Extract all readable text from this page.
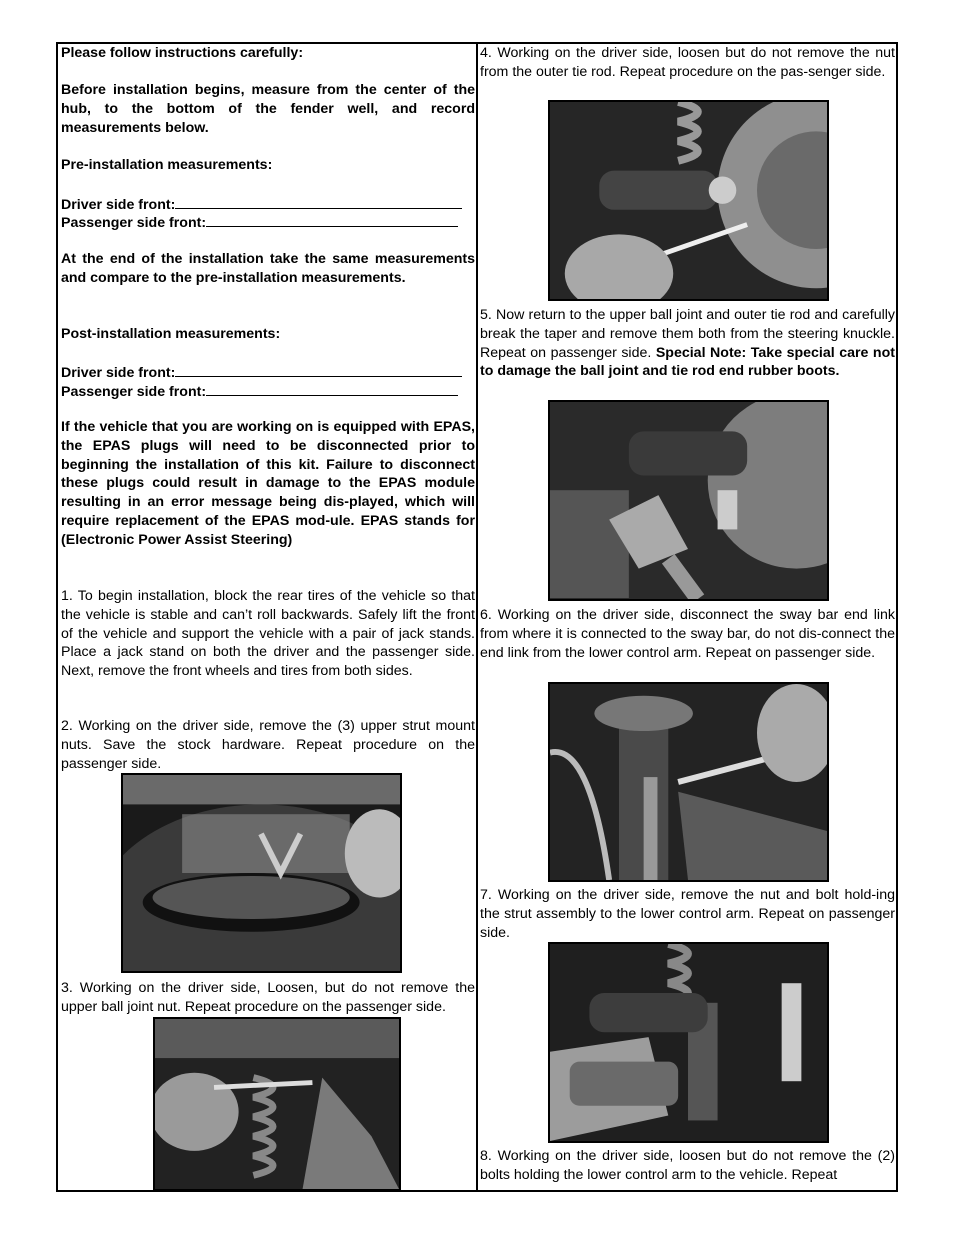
Please follow instructions carefully:
Before installation begins, measure from the center of the hub, to the bottom of the fender well, and record measurements below.
Pre-installation measurements:
Driver side front:
Passenger side front:
At the end of the installation take the same measurements and compare to the pre-installation measurements.
Post-installation measurements:
Driver side front:
Passenger side front:
If the vehicle that you are working on is equipped with EPAS, the EPAS plugs will need to be disconnected prior to beginning the installation of this kit. Failure to disconnect these plugs could result in damage to the EPAS module resulting in an error message being dis-played, which will require replacement of the EPAS mod-ule. EPAS stands for (Electronic Power Assist Steering)
1. To begin installation, block the rear tires of the vehicle so that the vehicle is stable and can’t roll backwards. Safely lift the front of the vehicle and support the vehicle with a pair of jack stands. Place a jack stand on both the driver and the passenger side. Next, remove the front wheels and tires from both sides.
2. Working on the driver side, remove the (3) upper strut mount nuts. Save the stock hardware. Repeat procedure on the passenger side.
3. Working on the driver side, Loosen, but do not remove the upper ball joint nut. Repeat procedure on the passenger side.
4. Working on the driver side, loosen but do not remove the nut from the outer tie rod. Repeat procedure on the pas-senger side.
5. Now return to the upper ball joint and outer tie rod and carefully break the taper and remove them both from the steering knuckle. Repeat on passenger side. Special Note: Take special care not to damage the ball joint and tie rod end rubber boots.
6. Working on the driver side, disconnect the sway bar end link from where it is connected to the sway bar, do not dis-connect the end link from the lower control arm. Repeat on passenger side.
7. Working on the driver side, remove the nut and bolt hold-ing the strut assembly to the lower control arm. Repeat on passenger side.
8. Working on the driver side, loosen but do not remove the (2) bolts holding the lower control arm to the vehicle. Repeat
